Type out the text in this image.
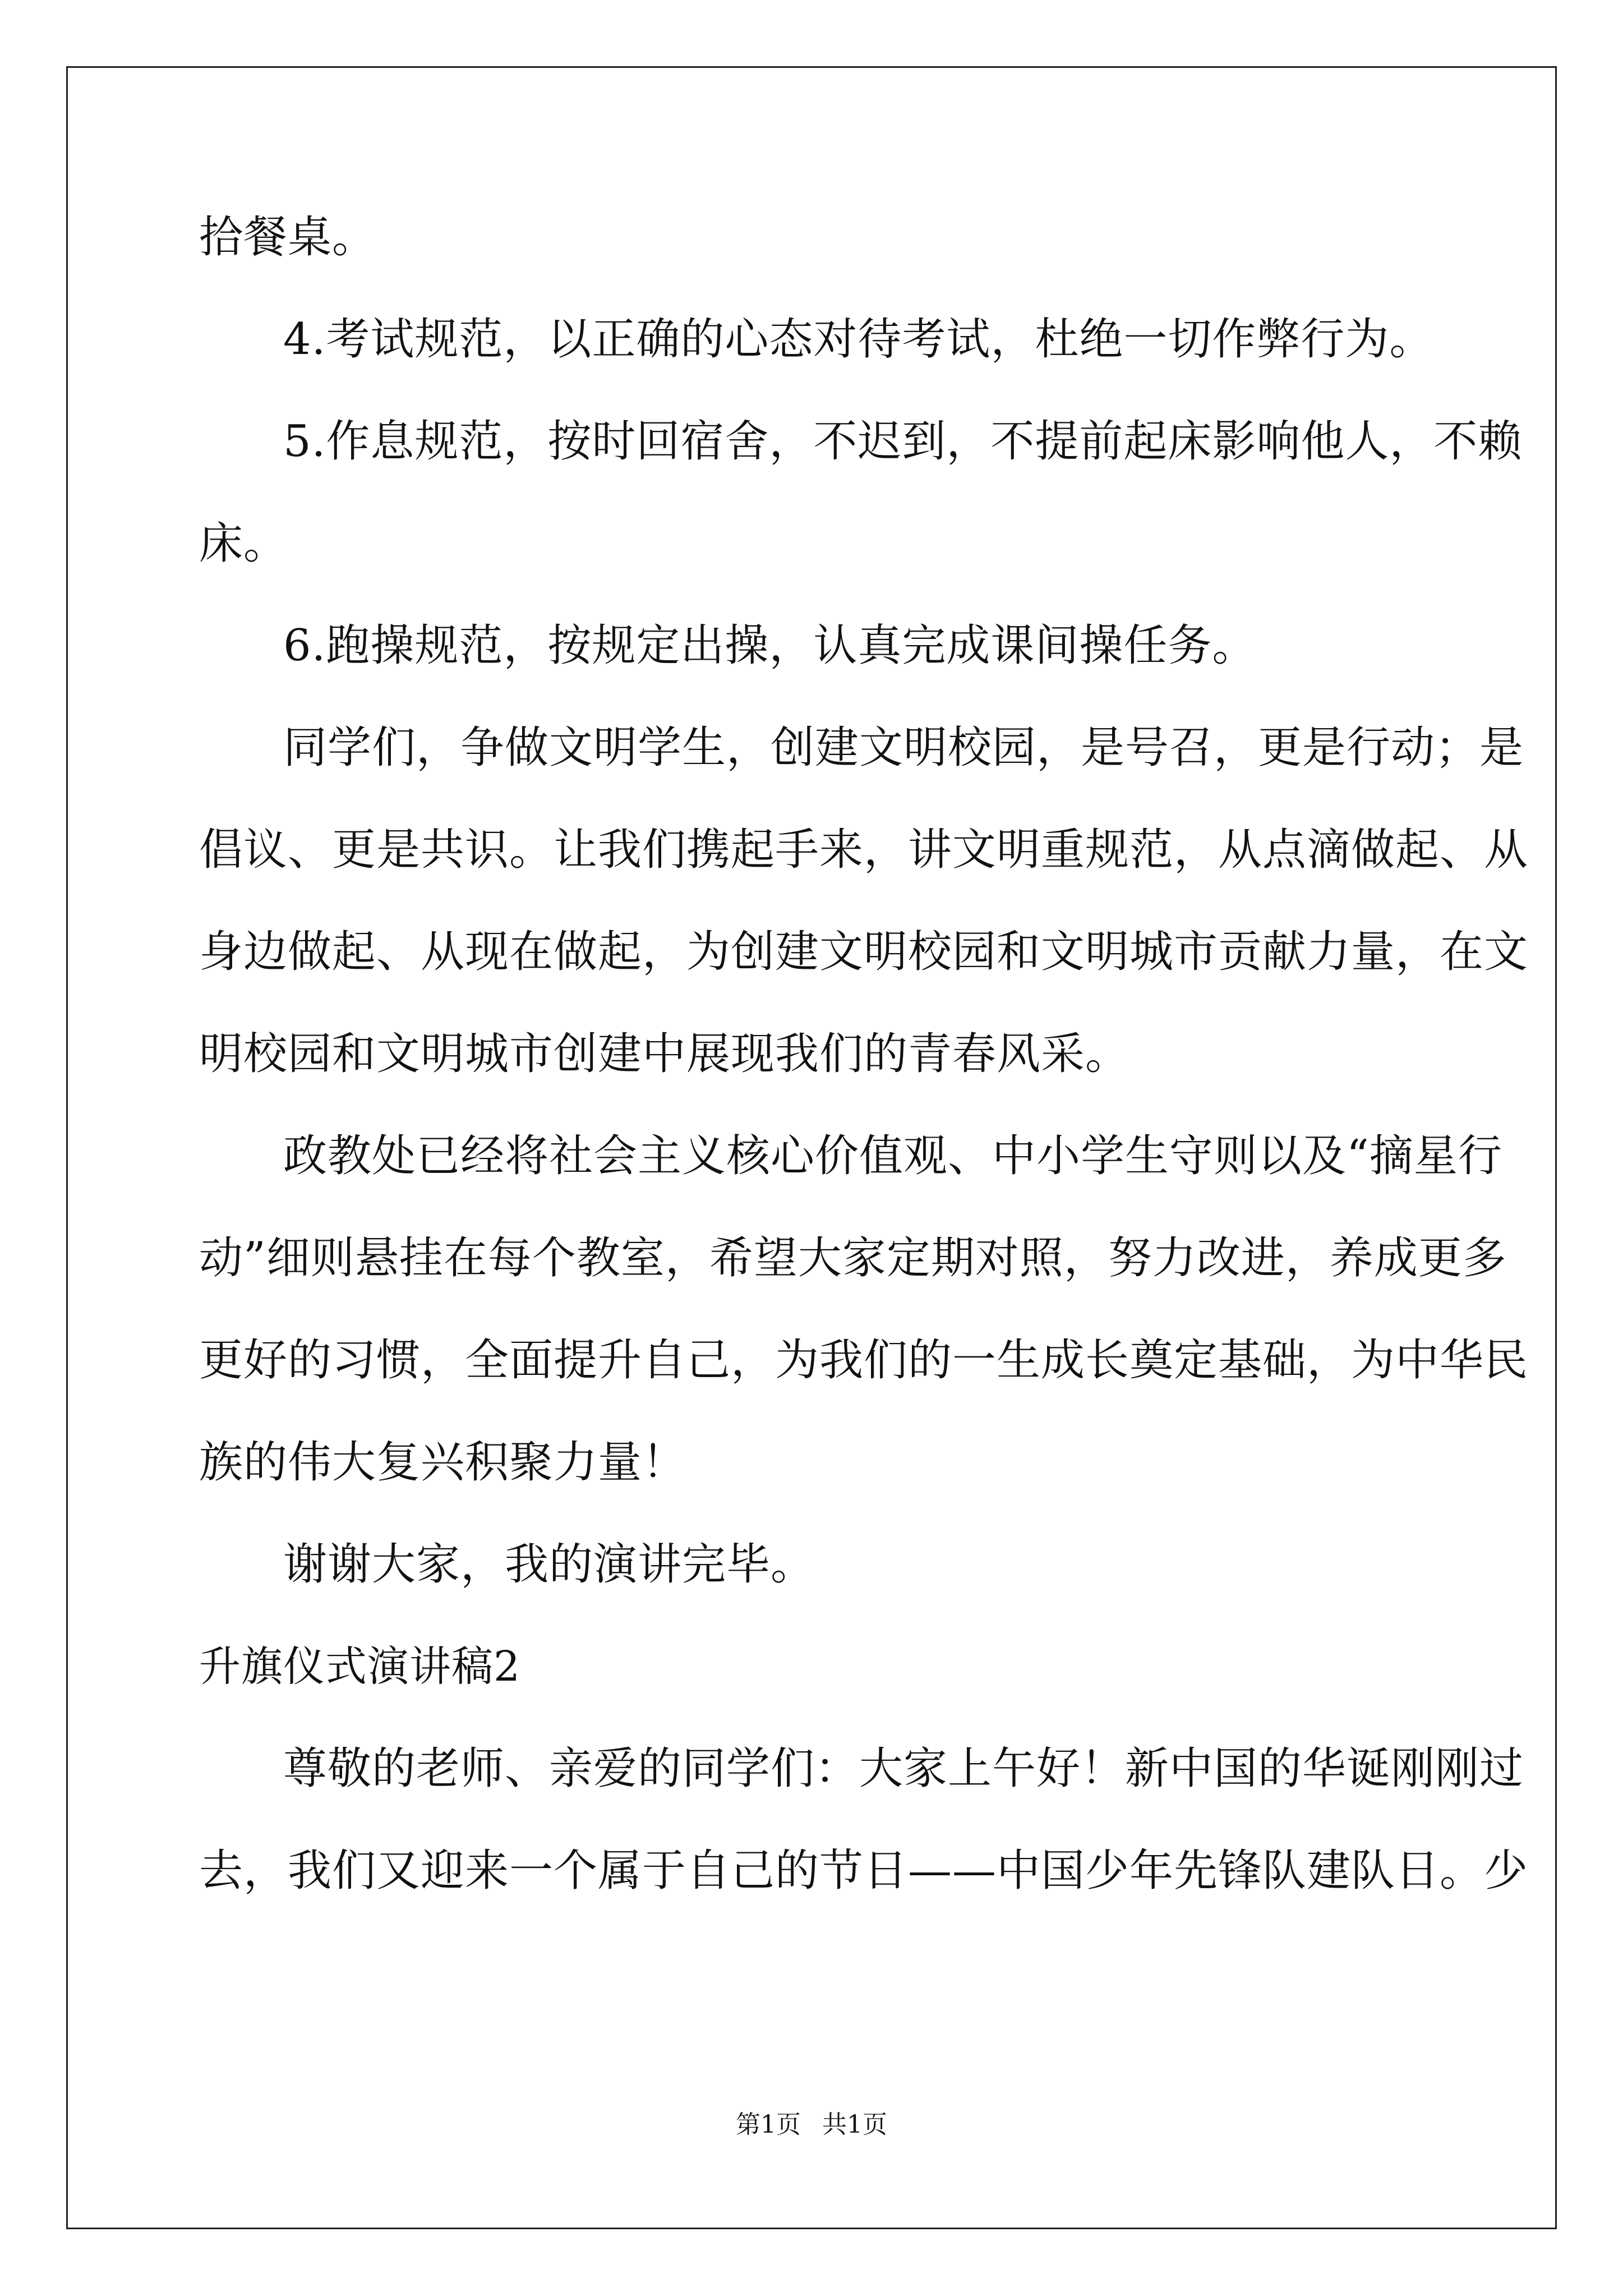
拾餐桌。
4.考试规范，以正确的心态对待考试，杜绝一切作弊行为。
5.作息规范，按时回宿舍，不迟到，不提前起床影响他人，不赖
床。
6.跑操规范，按规定出操，认真完成课间操任务。
同学们，争做文明学生，创建文明校园，是号召，更是行动；是
倡议、更是共识。让我们携起手来，讲文明重规范，从点滴做起、从
身边做起、从现在做起，为创建文明校园和文明城市贡献力量，在文
明校园和文明城市创建中展现我们的青春风采。
政教处已经将社会主义核心价值观、中小学生守则以及“摘星行
动”细则悬挂在每个教室，希望大家定期对照，努力改进，养成更多
更好的习惯，全面提升自己，为我们的一生成长奠定基础，为中华民
族的伟大复兴积聚力量！
谢谢大家，我的演讲完毕。
升旗仪式演讲稿2
尊敬的老师、亲爱的同学们：大家上午好！新中国的华诞刚刚过
去，我们又迎来一个属于自己的节日——中国少年先锋队建队日。少
第1页 共1页
